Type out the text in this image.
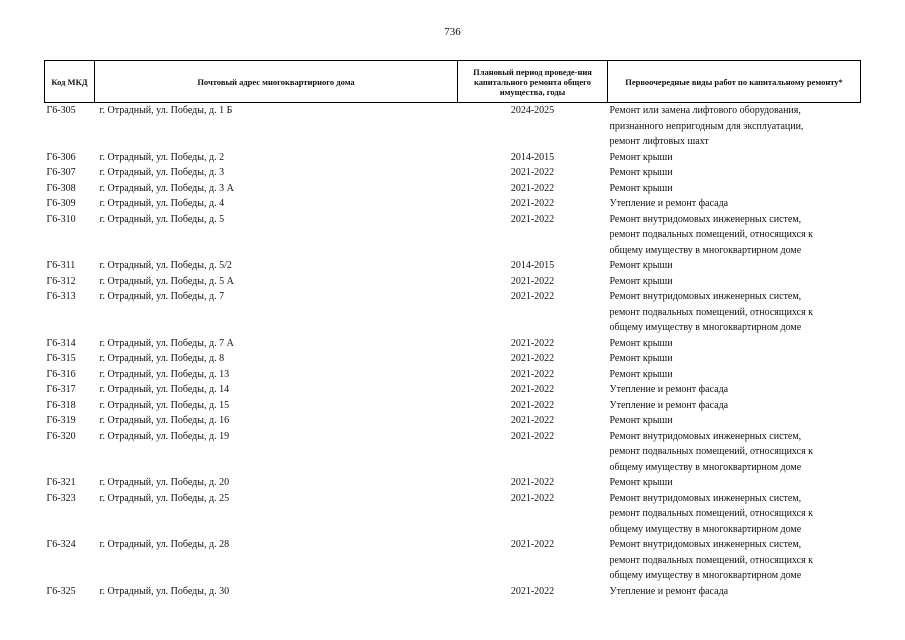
736
Код МКД	Почтовый адрес многоквартирного дома	Плановый период проведе-ния капитального ремонта общего имущества, годы	Первоочередные виды работ по капитальному ремонту*
Г6-305	г. Отрадный, ул. Победы, д. 1 Б	2024-2025	Ремонт или замена лифтового оборудования,
признанного непригодным для эксплуатации,
ремонт лифтовых шахт

Г6-306	г. Отрадный, ул. Победы, д. 2	2014-2015	Ремонт крыши

Г6-307	г. Отрадный, ул. Победы, д. 3	2021-2022	Ремонт крыши

Г6-308	г. Отрадный, ул. Победы, д. 3 А	2021-2022	Ремонт крыши

Г6-309	г. Отрадный, ул. Победы, д. 4	2021-2022	Утепление и ремонт фасада

Г6-310	г. Отрадный, ул. Победы, д. 5	2021-2022	Ремонт внутридомовых инженерных систем,
ремонт подвальных помещений, относящихся к
общему имуществу в многоквартирном доме

Г6-311	г. Отрадный, ул. Победы, д. 5/2	2014-2015	Ремонт крыши

Г6-312	г. Отрадный, ул. Победы, д. 5 А	2021-2022	Ремонт крыши

Г6-313	г. Отрадный, ул. Победы, д. 7	2021-2022	Ремонт внутридомовых инженерных систем,
ремонт подвальных помещений, относящихся к
общему имуществу в многоквартирном доме

Г6-314	г. Отрадный, ул. Победы, д. 7 А	2021-2022	Ремонт крыши

Г6-315	г. Отрадный, ул. Победы, д. 8	2021-2022	Ремонт крыши

Г6-316	г. Отрадный, ул. Победы, д. 13	2021-2022	Ремонт крыши

Г6-317	г. Отрадный, ул. Победы, д. 14	2021-2022	Утепление и ремонт фасада

Г6-318	г. Отрадный, ул. Победы, д. 15	2021-2022	Утепление и ремонт фасада

Г6-319	г. Отрадный, ул. Победы, д. 16	2021-2022	Ремонт крыши

Г6-320	г. Отрадный, ул. Победы, д. 19	2021-2022	Ремонт внутридомовых инженерных систем,
ремонт подвальных помещений, относящихся к
общему имуществу в многоквартирном доме

Г6-321	г. Отрадный, ул. Победы, д. 20	2021-2022	Ремонт крыши

Г6-323	г. Отрадный, ул. Победы, д. 25	2021-2022	Ремонт внутридомовых инженерных систем,
ремонт подвальных помещений, относящихся к
общему имуществу в многоквартирном доме

Г6-324	г. Отрадный, ул. Победы, д. 28	2021-2022	Ремонт внутридомовых инженерных систем,
ремонт подвальных помещений, относящихся к
общему имуществу в многоквартирном доме

Г6-325	г. Отрадный, ул. Победы, д. 30	2021-2022	Утепление и ремонт фасада
